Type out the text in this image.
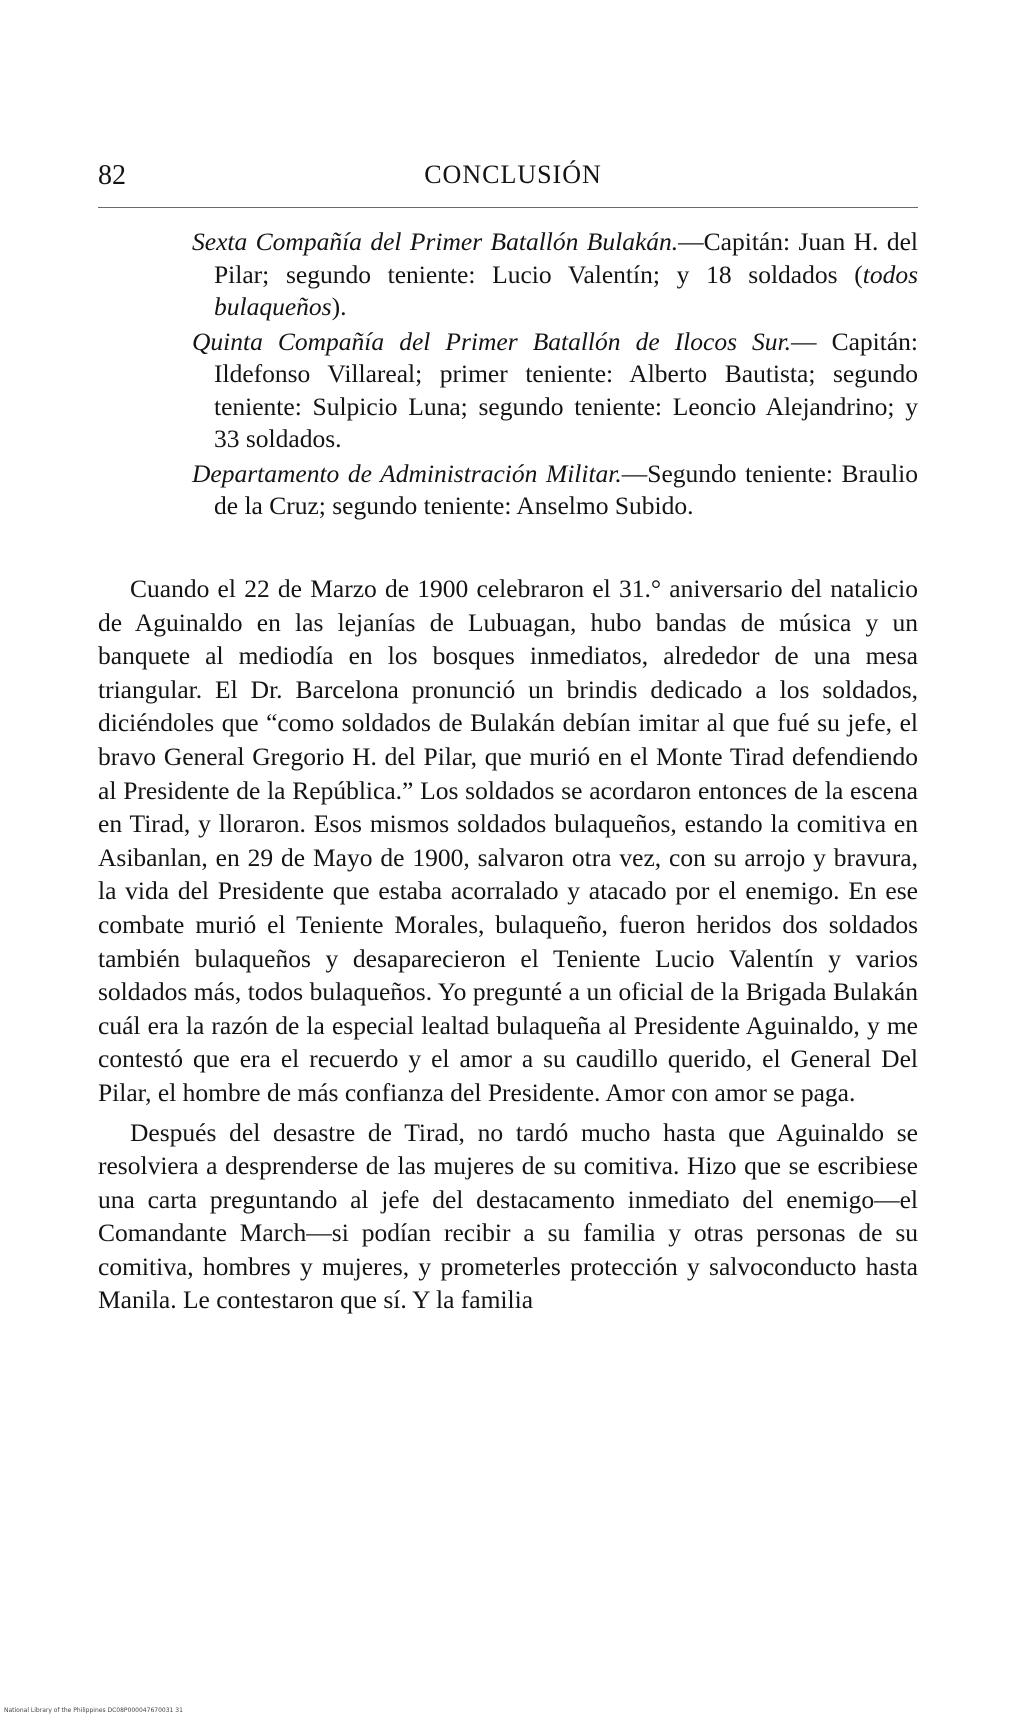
82	CONCLUSIÓN

Sexta Compañía del Primer Batallón Bulakán.—Capitán: Juan H. del Pilar; segundo teniente: Lucio Valentín; y 18 soldados (todos bulaqueños).

Quinta Compañía del Primer Batallón de Ilocos Sur.— Capitán: Ildefonso Villareal; primer teniente: Alberto Bautista; segundo teniente: Sulpicio Luna; segundo teniente: Leoncio Alejandrino; y 33 soldados.

Departamento de Administración Militar.—Segundo teniente: Braulio de la Cruz; segundo teniente: Anselmo Subido.

Cuando el 22 de Marzo de 1900 celebraron el 31.° aniversario del natalicio de Aguinaldo en las lejanías de Lubuagan, hubo bandas de música y un banquete al mediodía en los bosques inmediatos, alrededor de una mesa triangular. El Dr. Barcelona pronunció un brindis dedicado a los soldados, diciéndoles que “como soldados de Bulakán debían imitar al que fué su jefe, el bravo General Gregorio H. del Pilar, que murió en el Monte Tirad defendiendo al Presidente de la República.” Los soldados se acordaron entonces de la escena en Tirad, y lloraron. Esos mismos soldados bulaqueños, estando la comitiva en Asibanlan, en 29 de Mayo de 1900, salvaron otra vez, con su arrojo y bravura, la vida del Presidente que estaba acorralado y atacado por el enemigo. En ese combate murió el Teniente Morales, bulaqueño, fueron heridos dos soldados también bulaqueños y desaparecieron el Teniente Lucio Valentín y varios soldados más, todos bulaqueños. Yo pregunté a un oficial de la Brigada Bulakán cuál era la razón de la especial lealtad bulaqueña al Presidente Aguinaldo, y me contestó que era el recuerdo y el amor a su caudillo querido, el General Del Pilar, el hombre de más confianza del Presidente. Amor con amor se paga.

Después del desastre de Tirad, no tardó mucho hasta que Aguinaldo se resolviera a desprenderse de las mujeres de su comitiva. Hizo que se escribiese una carta preguntando al jefe del destacamento inmediato del enemigo—el Comandante March—si podían recibir a su familia y otras personas de su comitiva, hombres y mujeres, y prometerles protección y salvoconducto hasta Manila. Le contestaron que sí. Y la familia

National Library of the Philippines DC08P000047670031 31
